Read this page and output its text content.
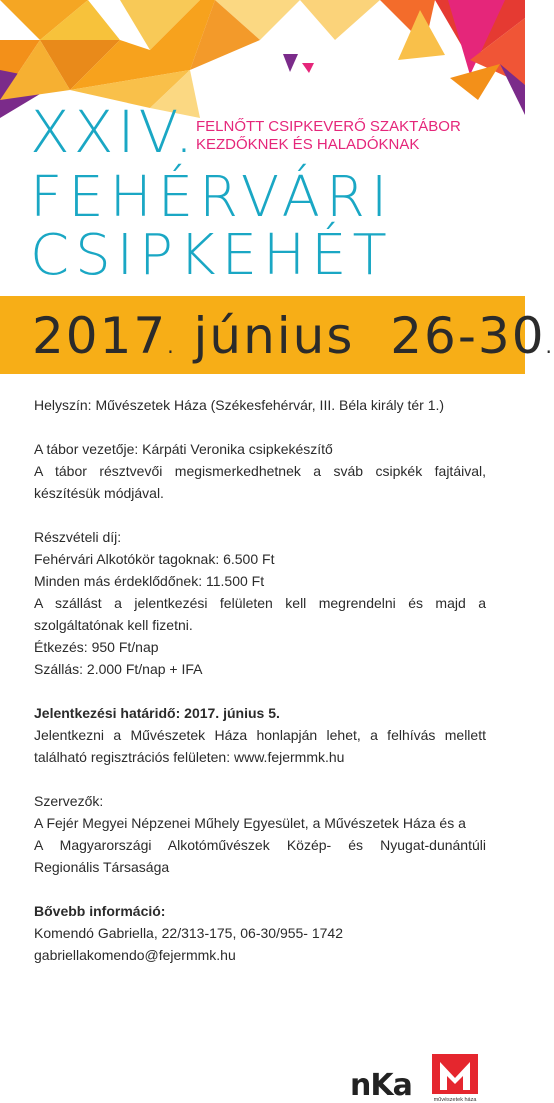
XXIV.
FELNŐTT CSIPKEVERŐ SZAKTÁBOR
KEZDŐKNEK ÉS HALADÓKNAK
FEHÉRVÁRI
CSIPKEHÉT
2017. június 26-30.

Helyszín: Művészetek Háza (Székesfehérvár, III. Béla király tér 1.)

A tábor vezetője: Kárpáti Veronika csipkekészítő

A tábor résztvevői megismerkedhetnek a sváb csipkék fajtáival, készítésük módjával.

Részvételi díj:

Fehérvári Alkotókör tagoknak: 6.500 Ft

Minden más érdeklődőnek: 11.500 Ft

A szállást a jelentkezési felületen kell megrendelni és majd a szolgáltatónak kell fizetni.

Étkezés: 950 Ft/nap

Szállás: 2.000 Ft/nap + IFA

Jelentkezési határidő: 2017. június 5.

Jelentkezni a Művészetek Háza honlapján lehet, a felhívás mellett található regisztrációs felületen: www.fejermmk.hu

Szervezők:

A Fejér Megyei Népzenei Műhely Egyesület, a Művészetek Háza és a

A Magyarországi Alkotóművészek Közép- és Nyugat-dunántúli Regionális Társasága

Bővebb információ:

Komendó Gabriella, 22/313-175, 06-30/955- 1742

gabriellakomendo@fejermmk.hu

nKa	művészetek háza
